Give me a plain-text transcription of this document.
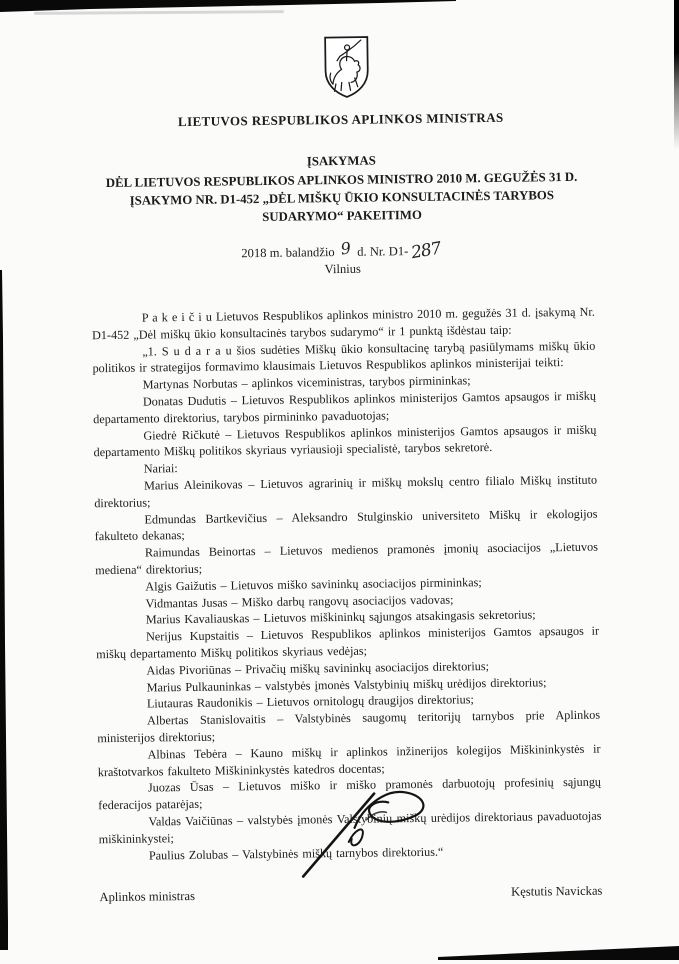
LIETUVOS RESPUBLIKOS APLINKOS MINISTRAS
ĮSAKYMAS
DĖL LIETUVOS RESPUBLIKOS APLINKOS MINISTRO 2010 M. GEGUŽĖS 31 D.
ĮSAKYMO NR. D1-452 „DĖL MIŠKŲ ŪKIO KONSULTACINĖS TARYBOS
SUDARYMO“ PAKEITIMO
2018 m. balandžio 9 d. Nr. D1-287
Vilnius

P a k e i č i u Lietuvos Respublikos aplinkos ministro 2010 m. gegužės 31 d. įsakymą Nr. D1-452 „Dėl miškų ūkio konsultacinės tarybos sudarymo“ ir 1 punktą išdėstau taip:

„1. S u d a r a u šios sudėties Miškų ūkio konsultacinę tarybą pasiūlymams miškų ūkio politikos ir strategijos formavimo klausimais Lietuvos Respublikos aplinkos ministerijai teikti:

Martynas Norbutas – aplinkos viceministras, tarybos pirmininkas;

Donatas Dudutis – Lietuvos Respublikos aplinkos ministerijos Gamtos apsaugos ir miškų departamento direktorius, tarybos pirmininko pavaduotojas;

Giedrė Ričkutė – Lietuvos Respublikos aplinkos ministerijos Gamtos apsaugos ir miškų departamento Miškų politikos skyriaus vyriausioji specialistė, tarybos sekretorė.

Nariai:

Marius Aleinikovas – Lietuvos agrarinių ir miškų mokslų centro filialo Miškų instituto direktorius;

Edmundas Bartkevičius – Aleksandro Stulginskio universiteto Miškų ir ekologijos fakulteto dekanas;

Raimundas Beinortas – Lietuvos medienos pramonės įmonių asociacijos „Lietuvos mediena“ direktorius;

Algis Gaižutis – Lietuvos miško savininkų asociacijos pirmininkas;

Vidmantas Jusas – Miško darbų rangovų asociacijos vadovas;

Marius Kavaliauskas – Lietuvos miškininkų sąjungos atsakingasis sekretorius;

Nerijus Kupstaitis – Lietuvos Respublikos aplinkos ministerijos Gamtos apsaugos ir miškų departamento Miškų politikos skyriaus vedėjas;

Aidas Pivoriūnas – Privačių miškų savininkų asociacijos direktorius;

Marius Pulkauninkas – valstybės įmonės Valstybinių miškų urėdijos direktorius;

Liutauras Raudonikis – Lietuvos ornitologų draugijos direktorius;

Albertas Stanislovaitis – Valstybinės saugomų teritorijų tarnybos prie Aplinkos ministerijos direktorius;

Albinas Tebėra – Kauno miškų ir aplinkos inžinerijos kolegijos Miškininkystės ir kraštotvarkos fakulteto Miškininkystės katedros docentas;

Juozas Ūsas – Lietuvos miško ir miško pramonės darbuotojų profesinių sąjungų federacijos patarėjas;

Valdas Vaičiūnas – valstybės įmonės Valstybinių miškų urėdijos direktoriaus pavaduotojas miškininkystei;

Paulius Zolubas – Valstybinės miškų tarnybos direktorius.“

Aplinkos ministras	Kęstutis Navickas
